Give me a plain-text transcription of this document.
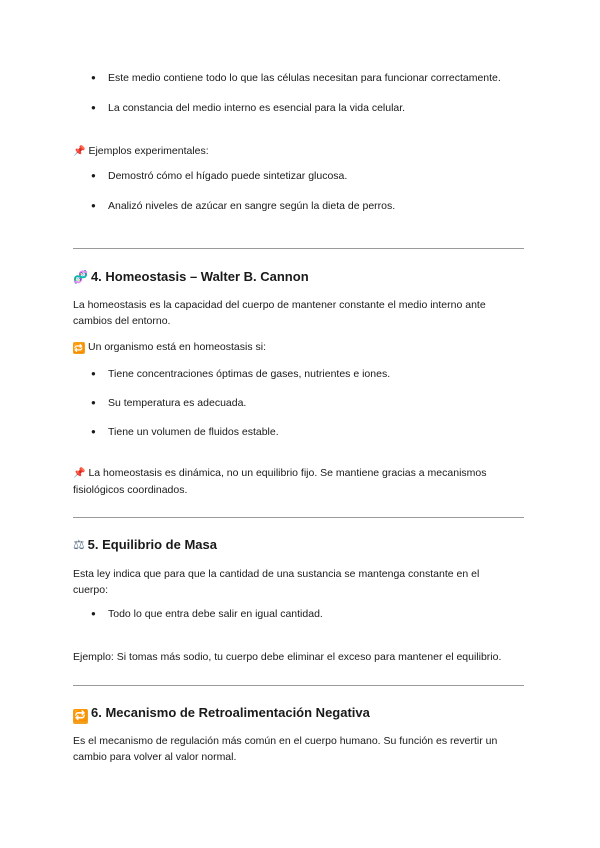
● Este medio contiene todo lo que las células necesitan para funcionar correctamente.

● La constancia del medio interno es esencial para la vida celular.

📌 Ejemplos experimentales:

● Demostró cómo el hígado puede sintetizar glucosa.

● Analizó niveles de azúcar en sangre según la dieta de perros.

🧬 4. Homeostasis – Walter B. Cannon

La homeostasis es la capacidad del cuerpo de mantener constante el medio interno ante
cambios del entorno.

🔁 Un organismo está en homeostasis si:

● Tiene concentraciones óptimas de gases, nutrientes e iones.

● Su temperatura es adecuada.

● Tiene un volumen de fluidos estable.

📌 La homeostasis es dinámica, no un equilibrio fijo. Se mantiene gracias a mecanismos
fisiológicos coordinados.

⚖ 5. Equilibrio de Masa

Esta ley indica que para que la cantidad de una sustancia se mantenga constante en el
cuerpo:

● Todo lo que entra debe salir en igual cantidad.

Ejemplo: Si tomas más sodio, tu cuerpo debe eliminar el exceso para mantener el equilibrio.

🔁 6. Mecanismo de Retroalimentación Negativa

Es el mecanismo de regulación más común en el cuerpo humano. Su función es revertir un
cambio para volver al valor normal.
